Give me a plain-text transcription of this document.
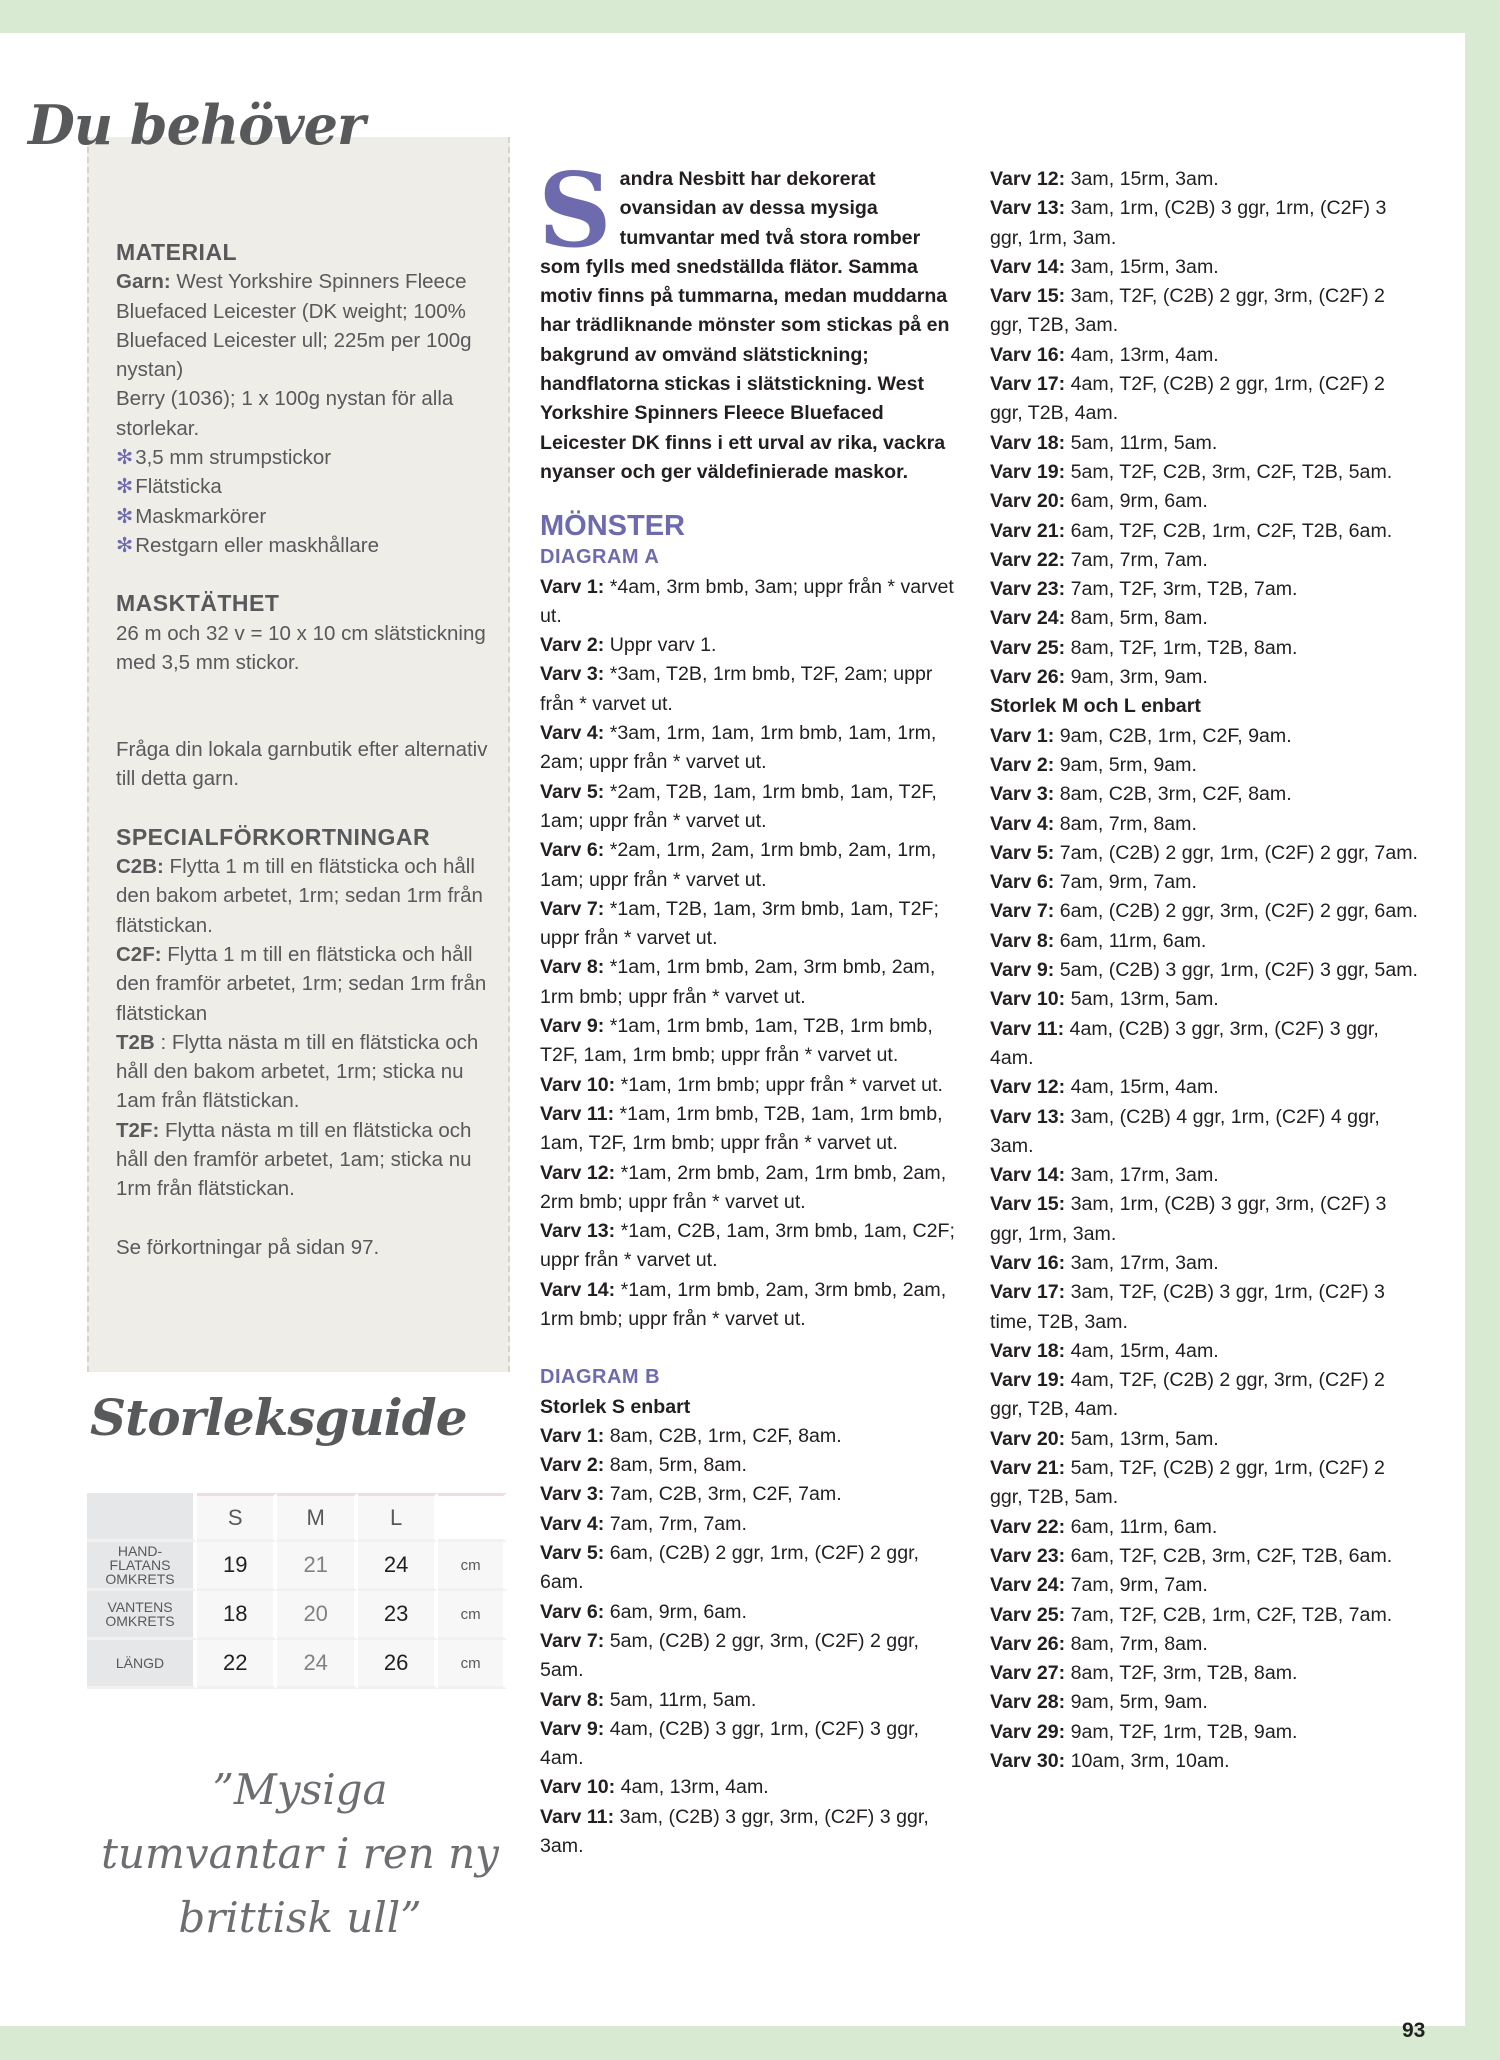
Du behöver
MATERIAL
Garn: West Yorkshire Spinners Fleece Bluefaced Leicester (DK weight; 100% Bluefaced Leicester ull; 225m per 100g nystan)
Berry (1036); 1 x 100g nystan för alla storlekar.
✻3,5 mm strumpstickor
✻Flätsticka
✻Maskmarkörer
✻Restgarn eller maskhållare
MASKTÄTHET
26 m och 32 v = 10 x 10 cm slätstickning med 3,5 mm stickor.
Fråga din lokala garnbutik efter alternativ till detta garn.
SPECIALFÖRKORTNINGAR
C2B: Flytta 1 m till en flätsticka och håll den bakom arbetet, 1rm; sedan 1rm från flätstickan.
C2F: Flytta 1 m till en flätsticka och håll den framför arbetet, 1rm; sedan 1rm från flätstickan
T2B : Flytta nästa m till en flätsticka och håll den bakom arbetet, 1rm; sticka nu 1am från flätstickan.
T2F: Flytta nästa m till en flätsticka och håll den framför arbetet, 1am; sticka nu 1rm från flätstickan.
Se förkortningar på sidan 97.
Storleksguide
	S	M	L	
HAND-
FLATANS
OMKRETS	19	21	24	cm
VANTENS
OMKRETS	18	20	23	cm
LÄNGD	22	24	26	cm
”Mysiga tumvantar i ren ny brittisk ull”

Sandra Nesbitt har dekorerat ovansidan av dessa mysiga tumvantar med två stora romber som fylls med snedställda flätor. Samma motiv finns på tummarna, medan muddarna har trädliknande mönster som stickas på en bakgrund av omvänd slätstickning; handflatorna stickas i slätstickning. West Yorkshire Spinners Fleece Bluefaced Leicester DK finns i ett urval av rika, vackra nyanser och ger väldefinierade maskor.

MÖNSTER
DIAGRAM A

Varv 1: *4am, 3rm bmb, 3am; uppr från * varvet ut.

Varv 2: Uppr varv 1.

Varv 3: *3am, T2B, 1rm bmb, T2F, 2am; uppr från * varvet ut.

Varv 4: *3am, 1rm, 1am, 1rm bmb, 1am, 1rm, 2am; uppr från * varvet ut.

Varv 5: *2am, T2B, 1am, 1rm bmb, 1am, T2F, 1am; uppr från * varvet ut.

Varv 6: *2am, 1rm, 2am, 1rm bmb, 2am, 1rm, 1am; uppr från * varvet ut.

Varv 7: *1am, T2B, 1am, 3rm bmb, 1am, T2F; uppr från * varvet ut.

Varv 8: *1am, 1rm bmb, 2am, 3rm bmb, 2am, 1rm bmb; uppr från * varvet ut.

Varv 9: *1am, 1rm bmb, 1am, T2B, 1rm bmb, T2F, 1am, 1rm bmb; uppr från * varvet ut.

Varv 10: *1am, 1rm bmb; uppr från * varvet ut.

Varv 11: *1am, 1rm bmb, T2B, 1am, 1rm bmb, 1am, T2F, 1rm bmb; uppr från * varvet ut.

Varv 12: *1am, 2rm bmb, 2am, 1rm bmb, 2am, 2rm bmb; uppr från * varvet ut.

Varv 13: *1am, C2B, 1am, 3rm bmb, 1am, C2F; uppr från * varvet ut.

Varv 14: *1am, 1rm bmb, 2am, 3rm bmb, 2am, 1rm bmb; uppr från * varvet ut.

DIAGRAM B
Storlek S enbart

Varv 1: 8am, C2B, 1rm, C2F, 8am.

Varv 2: 8am, 5rm, 8am.

Varv 3: 7am, C2B, 3rm, C2F, 7am.

Varv 4: 7am, 7rm, 7am.

Varv 5: 6am, (C2B) 2 ggr, 1rm, (C2F) 2 ggr, 6am.

Varv 6: 6am, 9rm, 6am.

Varv 7: 5am, (C2B) 2 ggr, 3rm, (C2F) 2 ggr, 5am.

Varv 8: 5am, 11rm, 5am.

Varv 9: 4am, (C2B) 3 ggr, 1rm, (C2F) 3 ggr, 4am.

Varv 10: 4am, 13rm, 4am.

Varv 11: 3am, (C2B) 3 ggr, 3rm, (C2F) 3 ggr, 3am.

Varv 12: 3am, 15rm, 3am.

Varv 13: 3am, 1rm, (C2B) 3 ggr, 1rm, (C2F) 3 ggr, 1rm, 3am.

Varv 14: 3am, 15rm, 3am.

Varv 15: 3am, T2F, (C2B) 2 ggr, 3rm, (C2F) 2 ggr, T2B, 3am.

Varv 16: 4am, 13rm, 4am.

Varv 17: 4am, T2F, (C2B) 2 ggr, 1rm, (C2F) 2 ggr, T2B, 4am.

Varv 18: 5am, 11rm, 5am.

Varv 19: 5am, T2F, C2B, 3rm, C2F, T2B, 5am.

Varv 20: 6am, 9rm, 6am.

Varv 21: 6am, T2F, C2B, 1rm, C2F, T2B, 6am.

Varv 22: 7am, 7rm, 7am.

Varv 23: 7am, T2F, 3rm, T2B, 7am.

Varv 24: 8am, 5rm, 8am.

Varv 25: 8am, T2F, 1rm, T2B, 8am.

Varv 26: 9am, 3rm, 9am.

Storlek M och L enbart

Varv 1: 9am, C2B, 1rm, C2F, 9am.

Varv 2: 9am, 5rm, 9am.

Varv 3: 8am, C2B, 3rm, C2F, 8am.

Varv 4: 8am, 7rm, 8am.

Varv 5: 7am, (C2B) 2 ggr, 1rm, (C2F) 2 ggr, 7am.

Varv 6: 7am, 9rm, 7am.

Varv 7: 6am, (C2B) 2 ggr, 3rm, (C2F) 2 ggr, 6am.

Varv 8: 6am, 11rm, 6am.

Varv 9: 5am, (C2B) 3 ggr, 1rm, (C2F) 3 ggr, 5am.

Varv 10: 5am, 13rm, 5am.

Varv 11: 4am, (C2B) 3 ggr, 3rm, (C2F) 3 ggr, 4am.

Varv 12: 4am, 15rm, 4am.

Varv 13: 3am, (C2B) 4 ggr, 1rm, (C2F) 4 ggr, 3am.

Varv 14: 3am, 17rm, 3am.

Varv 15: 3am, 1rm, (C2B) 3 ggr, 3rm, (C2F) 3 ggr, 1rm, 3am.

Varv 16: 3am, 17rm, 3am.

Varv 17: 3am, T2F, (C2B) 3 ggr, 1rm, (C2F) 3 time, T2B, 3am.

Varv 18: 4am, 15rm, 4am.

Varv 19: 4am, T2F, (C2B) 2 ggr, 3rm, (C2F) 2 ggr, T2B, 4am.

Varv 20: 5am, 13rm, 5am.

Varv 21: 5am, T2F, (C2B) 2 ggr, 1rm, (C2F) 2 ggr, T2B, 5am.

Varv 22: 6am, 11rm, 6am.

Varv 23: 6am, T2F, C2B, 3rm, C2F, T2B, 6am.

Varv 24: 7am, 9rm, 7am.

Varv 25: 7am, T2F, C2B, 1rm, C2F, T2B, 7am.

Varv 26: 8am, 7rm, 8am.

Varv 27: 8am, T2F, 3rm, T2B, 8am.

Varv 28: 9am, 5rm, 9am.

Varv 29: 9am, T2F, 1rm, T2B, 9am.

Varv 30: 10am, 3rm, 10am.

93
